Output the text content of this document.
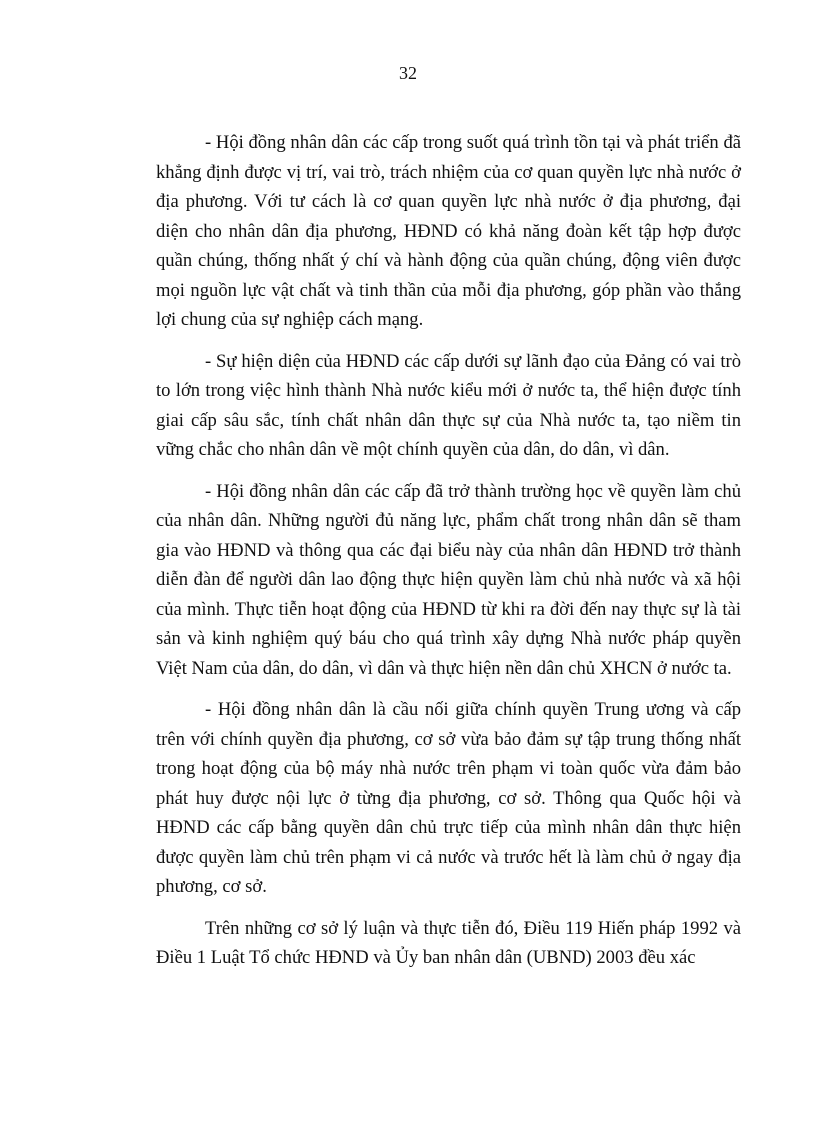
32

- Hội đồng nhân dân các cấp trong suốt quá trình tồn tại và phát triển đã khẳng định được vị trí, vai trò, trách nhiệm của cơ quan quyền lực nhà nước ở địa phương. Với tư cách là cơ quan quyền lực nhà nước ở địa phương, đại diện cho nhân dân địa phương, HĐND có khả năng đoàn kết tập hợp được quần chúng, thống nhất ý chí và hành động của quần chúng, động viên được mọi nguồn lực vật chất và tinh thần của mỗi địa phương, góp phần vào thắng lợi chung của sự nghiệp cách mạng.

- Sự hiện diện của HĐND các cấp dưới sự lãnh đạo của Đảng có vai trò to lớn trong việc hình thành Nhà nước kiểu mới ở nước ta, thể hiện được tính giai cấp sâu sắc, tính chất nhân dân thực sự của Nhà nước ta, tạo niềm tin vững chắc cho nhân dân về một chính quyền của dân, do dân, vì dân.

- Hội đồng nhân dân các cấp đã trở thành trường học về quyền làm chủ của nhân dân. Những người đủ năng lực, phẩm chất trong nhân dân sẽ tham gia vào HĐND và thông qua các đại biểu này của nhân dân HĐND trở thành diễn đàn để người dân lao động thực hiện quyền làm chủ nhà nước và xã hội của mình. Thực tiễn hoạt động của HĐND từ khi ra đời đến nay thực sự là tài sản và kinh nghiệm quý báu cho quá trình xây dựng Nhà nước pháp quyền Việt Nam của dân, do dân, vì dân và thực hiện nền dân chủ XHCN ở nước ta.

- Hội đồng nhân dân là cầu nối giữa chính quyền Trung ương và cấp trên với chính quyền địa phương, cơ sở vừa bảo đảm sự tập trung thống nhất trong hoạt động của bộ máy nhà nước trên phạm vi toàn quốc vừa đảm bảo phát huy được nội lực ở từng địa phương, cơ sở. Thông qua Quốc hội và HĐND các cấp bằng quyền dân chủ trực tiếp của mình nhân dân thực hiện được quyền làm chủ trên phạm vi cả nước và trước hết là làm chủ ở ngay địa phương, cơ sở.

Trên những cơ sở lý luận và thực tiễn đó, Điều 119 Hiến pháp 1992 và Điều 1 Luật Tổ chức HĐND và Ủy ban nhân dân (UBND) 2003 đều xác
